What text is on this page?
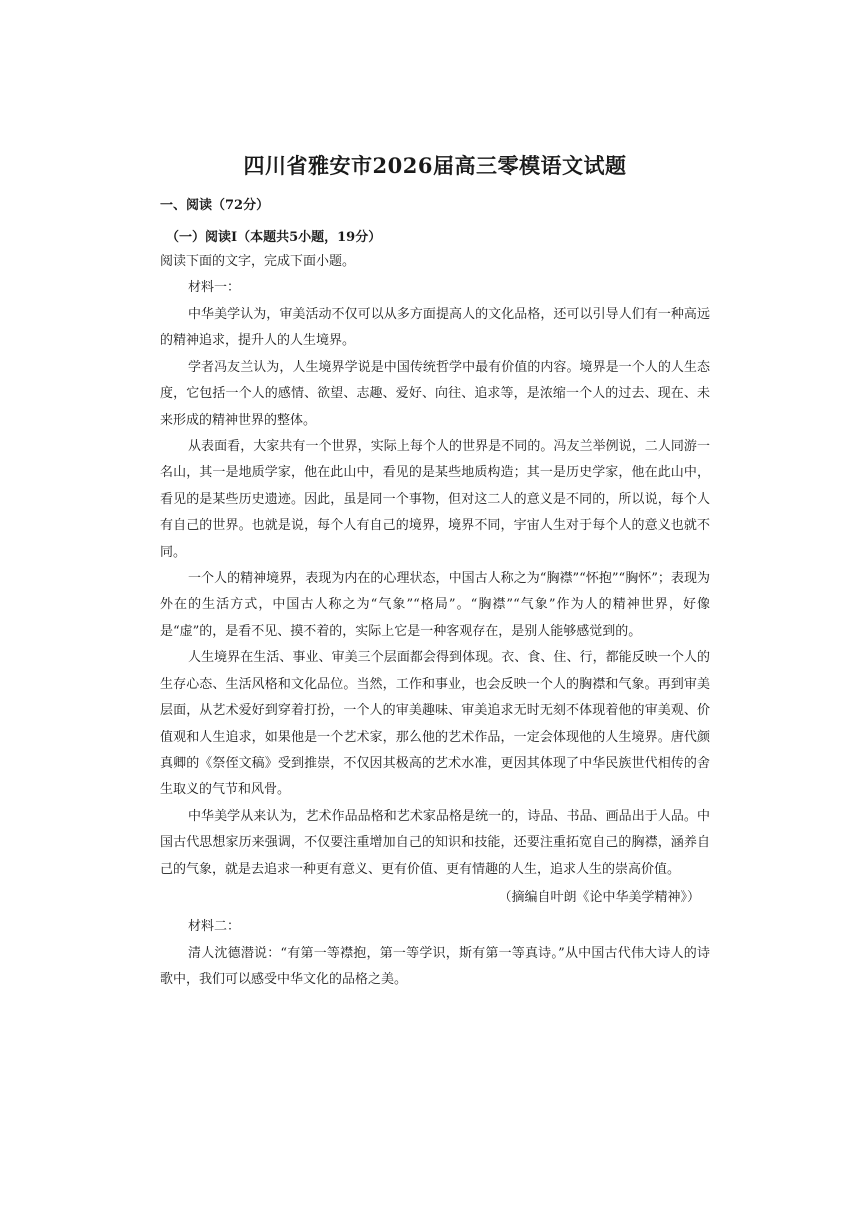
四川省雅安市2026届高三零模语文试题
一、阅读（72分）
（一）阅读Ⅰ（本题共5小题，19分）
阅读下面的文字，完成下面小题。
材料一：

中华美学认为，审美活动不仅可以从多方面提高人的文化品格，还可以引导人们有一种高远的精神追求，提升人的人生境界。

学者冯友兰认为，人生境界学说是中国传统哲学中最有价值的内容。境界是一个人的人生态度，它包括一个人的感情、欲望、志趣、爱好、向往、追求等，是浓缩一个人的过去、现在、未来形成的精神世界的整体。

从表面看，大家共有一个世界，实际上每个人的世界是不同的。冯友兰举例说，二人同游一名山，其一是地质学家，他在此山中，看见的是某些地质构造；其一是历史学家，他在此山中，看见的是某些历史遗迹。因此，虽是同一个事物，但对这二人的意义是不同的，所以说，每个人有自己的世界。也就是说，每个人有自己的境界，境界不同，宇宙人生对于每个人的意义也就不同。

一个人的精神境界，表现为内在的心理状态，中国古人称之为“胸襟”“怀抱”“胸怀”；表现为外在的生活方式，中国古人称之为“气象”“格局”。“胸襟”“气象”作为人的精神世界，好像是“虚”的，是看不见、摸不着的，实际上它是一种客观存在，是别人能够感觉到的。

人生境界在生活、事业、审美三个层面都会得到体现。衣、食、住、行，都能反映一个人的生存心态、生活风格和文化品位。当然，工作和事业，也会反映一个人的胸襟和气象。再到审美层面，从艺术爱好到穿着打扮，一个人的审美趣味、审美追求无时无刻不体现着他的审美观、价值观和人生追求，如果他是一个艺术家，那么他的艺术作品，一定会体现他的人生境界。唐代颜真卿的《祭侄文稿》受到推崇，不仅因其极高的艺术水准，更因其体现了中华民族世代相传的舍生取义的气节和风骨。

中华美学从来认为，艺术作品品格和艺术家品格是统一的，诗品、书品、画品出于人品。中国古代思想家历来强调，不仅要注重增加自己的知识和技能，还要注重拓宽自己的胸襟，涵养自己的气象，就是去追求一种更有意义、更有价值、更有情趣的人生，追求人生的崇高价值。

（摘编自叶朗《论中华美学精神》）
材料二：

清人沈德潜说：“有第一等襟抱，第一等学识，斯有第一等真诗。”从中国古代伟大诗人的诗歌中，我们可以感受中华文化的品格之美。
